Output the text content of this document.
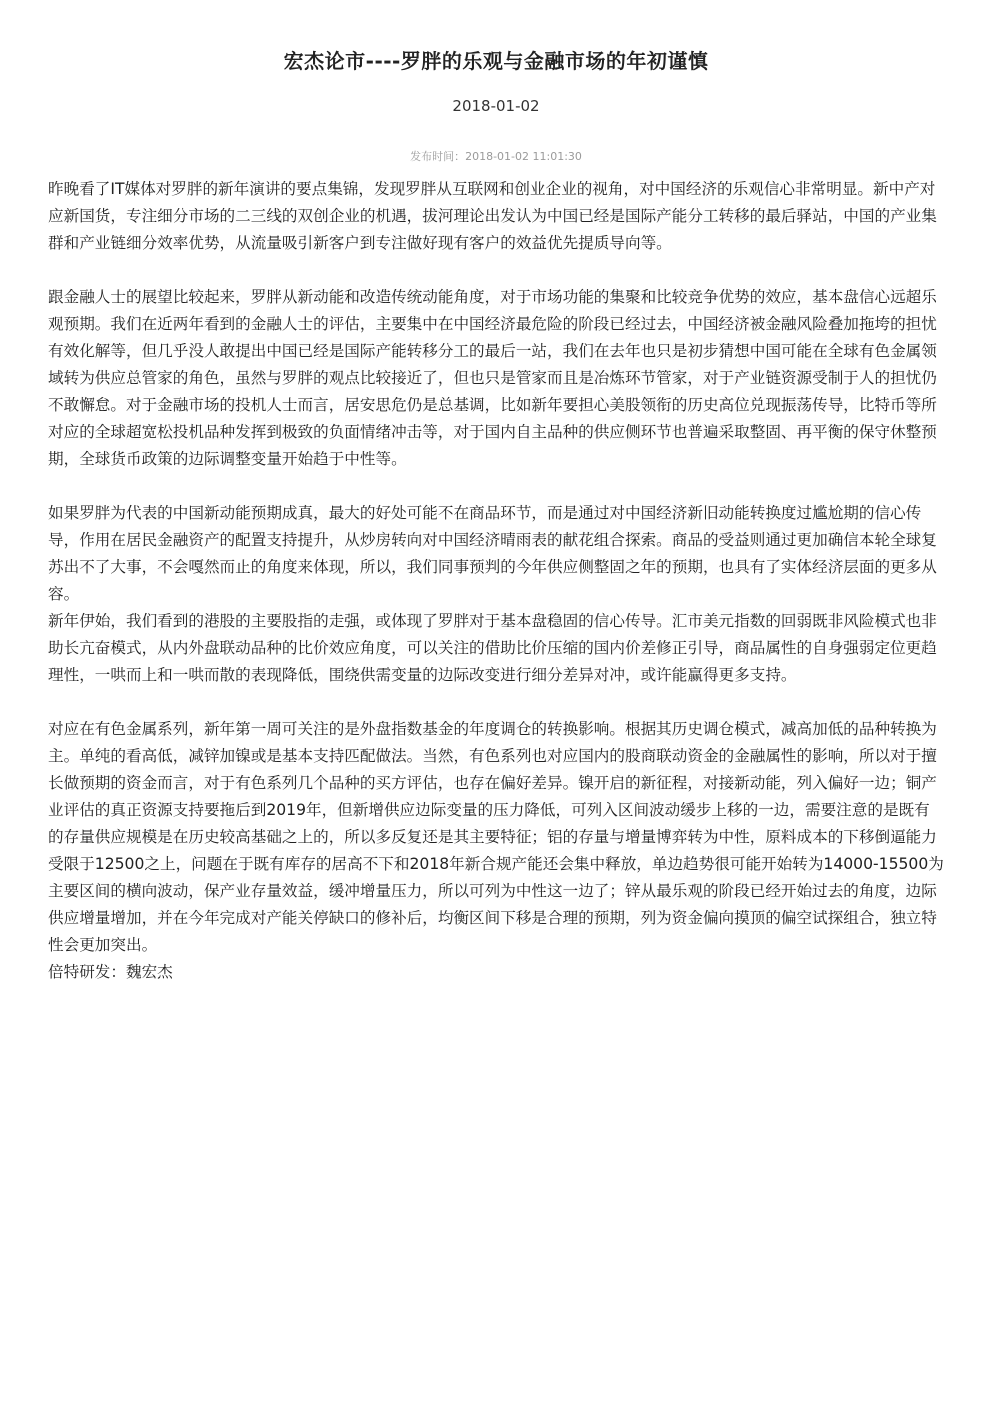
宏杰论市----罗胖的乐观与金融市场的年初谨慎
2018-01-02
发布时间：2018-01-02 11:01:30

昨晚看了IT媒体对罗胖的新年演讲的要点集锦，发现罗胖从互联网和创业企业的视角，对中国经济的乐观信心非常明显。新中产对应新国货，专注细分市场的二三线的双创企业的机遇，拔河理论出发认为中国已经是国际产能分工转移的最后驿站，中国的产业集群和产业链细分效率优势，从流量吸引新客户到专注做好现有客户的效益优先提质导向等。

跟金融人士的展望比较起来，罗胖从新动能和改造传统动能角度，对于市场功能的集聚和比较竞争优势的效应，基本盘信心远超乐观预期。我们在近两年看到的金融人士的评估，主要集中在中国经济最危险的阶段已经过去，中国经济被金融风险叠加拖垮的担忧有效化解等，但几乎没人敢提出中国已经是国际产能转移分工的最后一站，我们在去年也只是初步猜想中国可能在全球有色金属领域转为供应总管家的角色，虽然与罗胖的观点比较接近了，但也只是管家而且是冶炼环节管家，对于产业链资源受制于人的担忧仍不敢懈怠。对于金融市场的投机人士而言，居安思危仍是总基调，比如新年要担心美股领衔的历史高位兑现振荡传导，比特币等所对应的全球超宽松投机品种发挥到极致的负面情绪冲击等，对于国内自主品种的供应侧环节也普遍采取整固、再平衡的保守休整预期，全球货币政策的边际调整变量开始趋于中性等。

如果罗胖为代表的中国新动能预期成真，最大的好处可能不在商品环节，而是通过对中国经济新旧动能转换度过尴尬期的信心传导，作用在居民金融资产的配置支持提升，从炒房转向对中国经济晴雨表的献花组合探索。商品的受益则通过更加确信本轮全球复苏出不了大事，不会嘎然而止的角度来体现，所以，我们同事预判的今年供应侧整固之年的预期，也具有了实体经济层面的更多从容。

新年伊始，我们看到的港股的主要股指的走强，或体现了罗胖对于基本盘稳固的信心传导。汇市美元指数的回弱既非风险模式也非助长亢奋模式，从内外盘联动品种的比价效应角度，可以关注的借助比价压缩的国内价差修正引导，商品属性的自身强弱定位更趋理性，一哄而上和一哄而散的表现降低，围绕供需变量的边际改变进行细分差异对冲，或许能赢得更多支持。

对应在有色金属系列，新年第一周可关注的是外盘指数基金的年度调仓的转换影响。根据其历史调仓模式，减高加低的品种转换为主。单纯的看高低，减锌加镍或是基本支持匹配做法。当然，有色系列也对应国内的股商联动资金的金融属性的影响，所以对于擅长做预期的资金而言，对于有色系列几个品种的买方评估，也存在偏好差异。镍开启的新征程，对接新动能，列入偏好一边；铜产业评估的真正资源支持要拖后到2019年，但新增供应边际变量的压力降低，可列入区间波动缓步上移的一边，需要注意的是既有的存量供应规模是在历史较高基础之上的，所以多反复还是其主要特征；铝的存量与增量博弈转为中性，原料成本的下移倒逼能力受限于12500之上，问题在于既有库存的居高不下和2018年新合规产能还会集中释放，单边趋势很可能开始转为14000-15500为主要区间的横向波动，保产业存量效益，缓冲增量压力，所以可列为中性这一边了；锌从最乐观的阶段已经开始过去的角度，边际供应增量增加，并在今年完成对产能关停缺口的修补后，均衡区间下移是合理的预期，列为资金偏向摸顶的偏空试探组合，独立特性会更加突出。

倍特研发：魏宏杰
